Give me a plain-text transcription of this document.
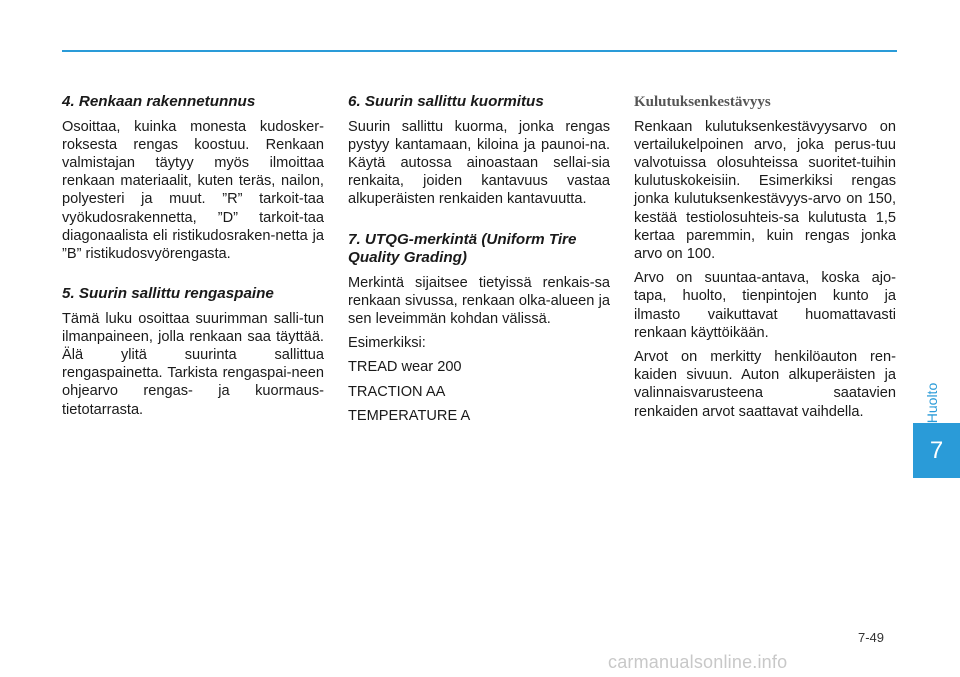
Huolto
7
4. Renkaan rakennetunnus

Osoittaa, kuinka monesta kudosker-roksesta rengas koostuu. Renkaan valmistajan täytyy myös ilmoittaa renkaan materiaalit, kuten teräs, nailon, polyesteri ja muut. ”R” tarkoit-taa vyökudosrakennetta, ”D” tarkoit-taa diagonaalista eli ristikudosraken-netta ja ”B” ristikudosvyörengasta.

5. Suurin sallittu rengaspaine

Tämä luku osoittaa suurimman salli-tun ilmanpaineen, jolla renkaan saa täyttää. Älä ylitä suurinta sallittua rengaspainetta. Tarkista rengaspai-neen ohjearvo rengas- ja kuormaus-tietotarrasta.

6. Suurin sallittu kuormitus

Suurin sallittu kuorma, jonka rengas pystyy kantamaan, kiloina ja paunoi-na. Käytä autossa ainoastaan sellai-sia renkaita, joiden kantavuus vastaa alkuperäisten renkaiden kantavuutta.

7. UTQG-merkintä (Uniform Tire Quality Grading)

Merkintä sijaitsee tietyissä renkais-sa renkaan sivussa, renkaan olka-alueen ja sen leveimmän kohdan välissä.

Esimerkiksi:

TREAD wear 200

TRACTION AA

TEMPERATURE A

Kulutuksenkestävyys

Renkaan kulutuksenkestävyysarvo on vertailukelpoinen arvo, joka perus-tuu valvotuissa olosuhteissa suoritet-tuihin kulutuskokeisiin. Esimerkiksi rengas jonka kulutuksenkestävyys-arvo on 150, kestää testiolosuhteis-sa kulutusta 1,5 kertaa paremmin, kuin rengas jonka arvo on 100.

Arvo on suuntaa-antava, koska ajo-tapa, huolto, tienpintojen kunto ja ilmasto vaikuttavat huomattavasti renkaan käyttöikään.

Arvot on merkitty henkilöauton ren-kaiden sivuun. Auton alkuperäisten ja valinnaisvarusteena saatavien renkaiden arvot saattavat vaihdella.

7-49
carmanualsonline.info
